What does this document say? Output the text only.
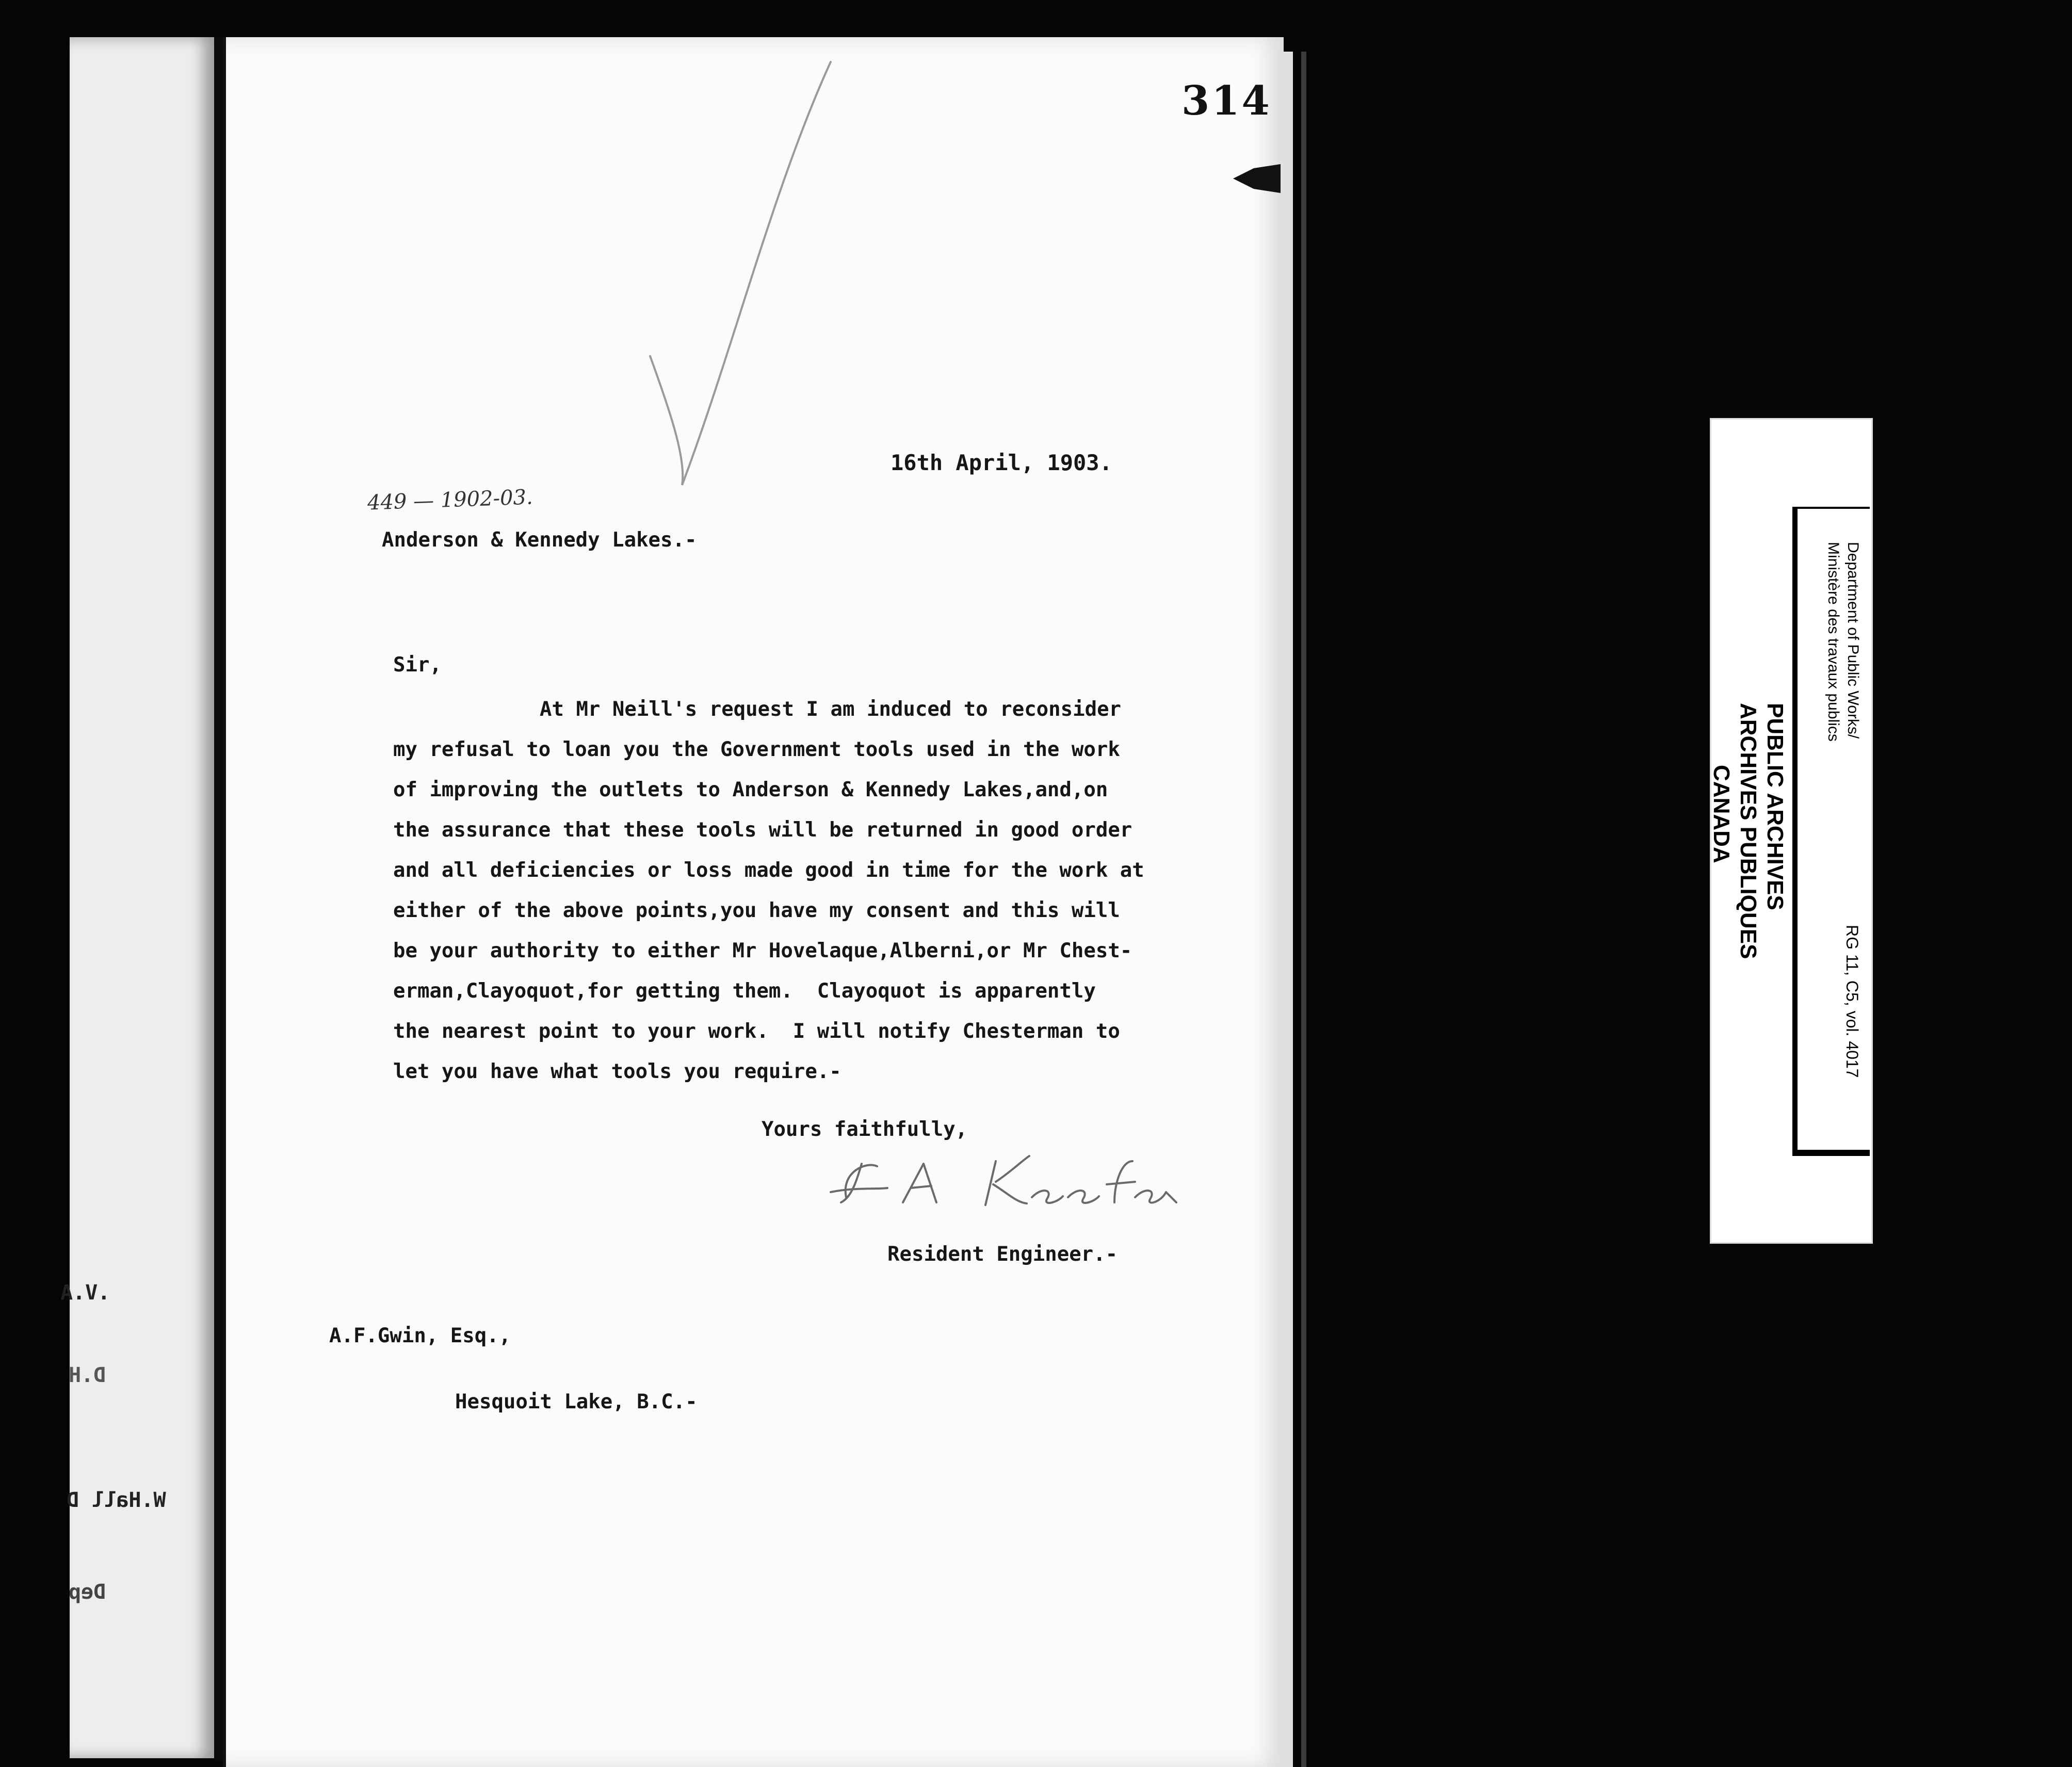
.V.A
D.H
W.Hall D
Dep
314
449 — 1902-03.
16th April, 1903.
Anderson & Kennedy Lakes.-
Sir,
At Mr Neill's request I am induced to reconsider
my refusal to loan you the Government tools used in the work
of improving the outlets to Anderson & Kennedy Lakes,and,on
the assurance that these tools will be returned in good order
and all deficiencies or loss made good in time for the work at
either of the above points,you have my consent and this will
be your authority to either Mr Hovelaque,Alberni,or Mr Chest-
erman,Clayoquot,for getting them.  Clayoquot is apparently
the nearest point to your work.  I will notify Chesterman to
let you have what tools you require.-
Yours faithfully,
Resident Engineer.-
A.F.Gwin, Esq.,
Hesquoit Lake, B.C.-
PUBLIC ARCHIVES
ARCHIVES PUBLIQUES
CANADA
Department of Public Works/
Ministère des travaux publics
RG 11, C5, vol. 4017
